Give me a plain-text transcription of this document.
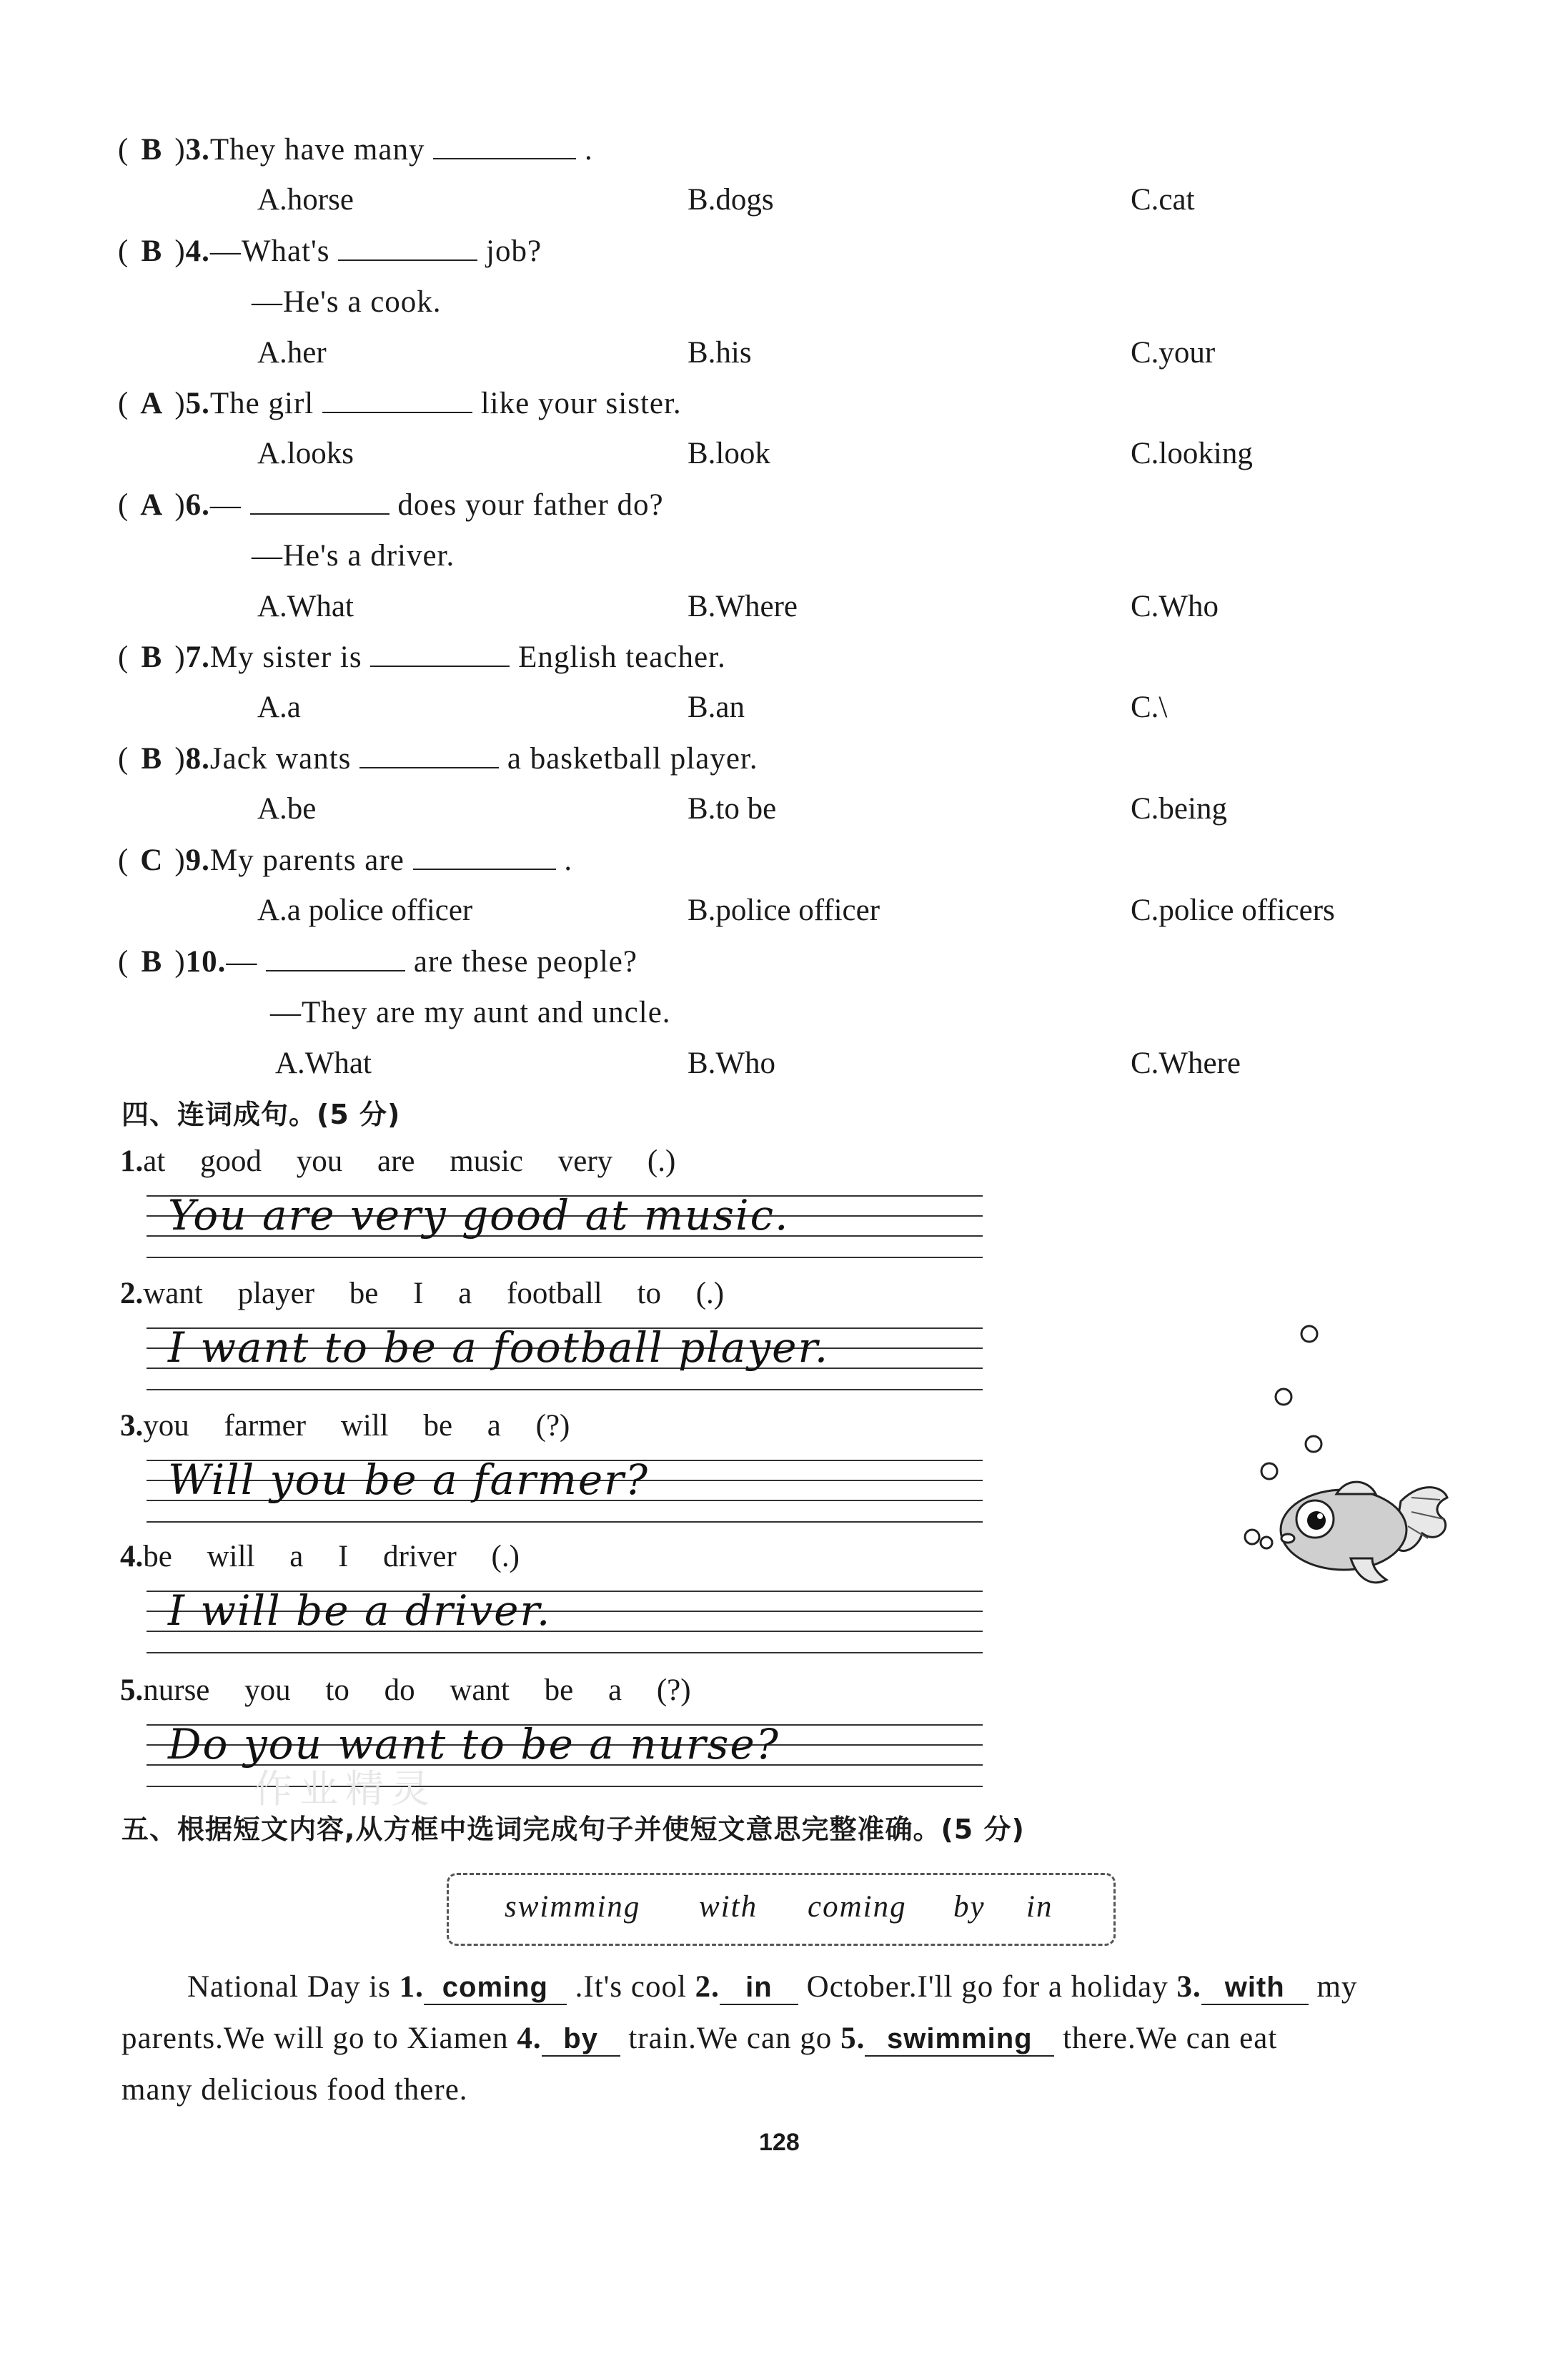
( B )3.They have many	.
A.horse	B.dogs	C.cat
( B )4.—What's	job?
—He's a cook.
A.her	B.his	C.your
( A )5.The girl	like your sister.
A.looks	B.look	C.looking
( A )6.—	does your father do?
—He's a driver.
A.What	B.Where	C.Who
( B )7.My sister is	English teacher.
A.a	B.an	C.\
( B )8.Jack wants	a basketball player.
A.be	B.to be	C.being
( C )9.My parents are	.
A.a police officer	B.police officer	C.police officers
( B )10.—	are these people?
—They are my aunt and uncle.
A.What	B.Who	C.Where
四、连词成句。(5 分)
1.at good you are music very (.)
You are very good at music.
2.want player be I a football to (.)
I want to be a football player.
3.you farmer will be a (?)
Will you be a farmer?
4.be will a I driver (.)
I will be a driver.
5.nurse you to do want be a (?)
Do you want to be a nurse?
五、根据短文内容,从方框中选词完成句子并使短文意思完整准确。(5 分)
swimming with coming by in
National Day is 1. coming .It's cool 2. in October.I'll go for a holiday 3. with my
parents.We will go to Xiamen 4. by train.We can go 5. swimming there.We can eat
many delicious food there.
作业精灵
128
